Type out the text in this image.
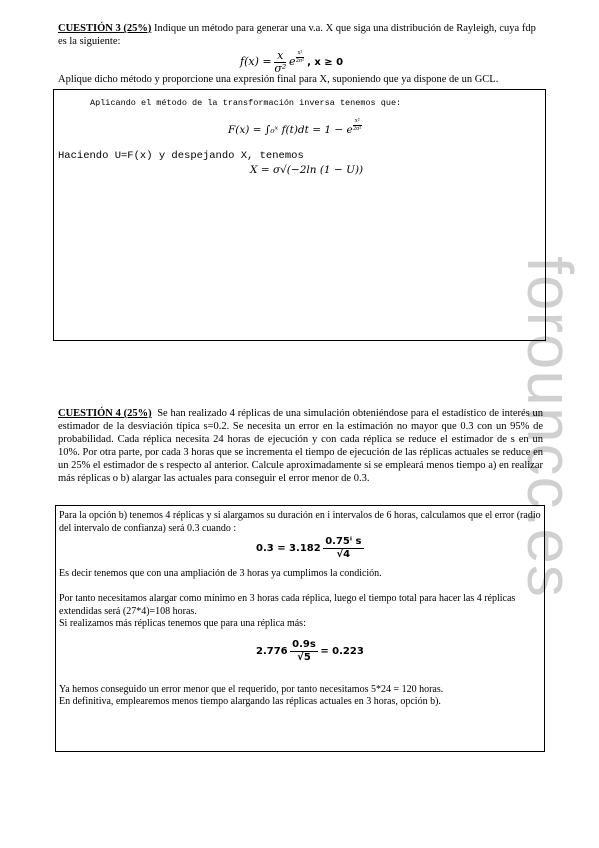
forouncc.es
CUESTIÓN 3 (25%) Indique un método para generar una v.a. X que siga una distribución de Rayleigh, cuya fdp es la siguiente:
$f(x) = \frac{x}{\text{σ²}}$ e $^{\frac{\text{x²}}{\text{2σ²}}}$ , x ≥ 0
Aplique dicho método y proporcione una expresión final para X, suponiendo que ya dispone de un GCL.
Aplicando el método de la transformación inversa tenemos que:
F(x) = ∫₀ˣ f(t)dt = 1 − e $^{\frac{\text{x²}}{\text{2σ²}}}$
Haciendo U=F(x) y despejando X, tenemos
X = σ√(−2ln (1 − U))
CUESTIÓN 4 (25%) Se han realizado 4 réplicas de una simulación obteniéndose para el estadístico de interés un estimador de la desviación típica s=0.2. Se necesita un error en la estimación no mayor que 0.3 con un 95% de probabilidad. Cada réplica necesita 24 horas de ejecución y con cada réplica se reduce el estimador de s en un 10%. Por otra parte, por cada 3 horas que se incrementa el tiempo de ejecución de las réplicas actuales se reduce en un 25% el estimador de s respecto al anterior. Calcule aproximadamente si se empleará menos tiempo a) en realizar más réplicas o b) alargar las actuales para conseguir el error menor de 0.3.
Para la opción b) tenemos 4 réplicas y si alargamos su duración en i intervalos de 6 horas, calculamos que el error (radio del intervalo de confianza) será 0.3 cuando :
$0.3 = 3.182 \frac{\text{0.75ⁱ s}}{√4}$
Es decir tenemos que con una ampliación de 3 horas ya cumplimos la condición.
Por tanto necesitamos alargar como mínimo en 3 horas cada réplica, luego el tiempo total para hacer las 4 réplicas extendidas será (27*4)=108 horas.
Si realizamos más réplicas tenemos que para una réplica más:
$2.776 \frac{0.9s}{√5} = 0.223$
Ya hemos conseguido un error menor que el requerido, por tanto necesitamos 5*24 = 120 horas.
En definitiva, emplearemos menos tiempo alargando las réplicas actuales en 3 horas, opción b).
